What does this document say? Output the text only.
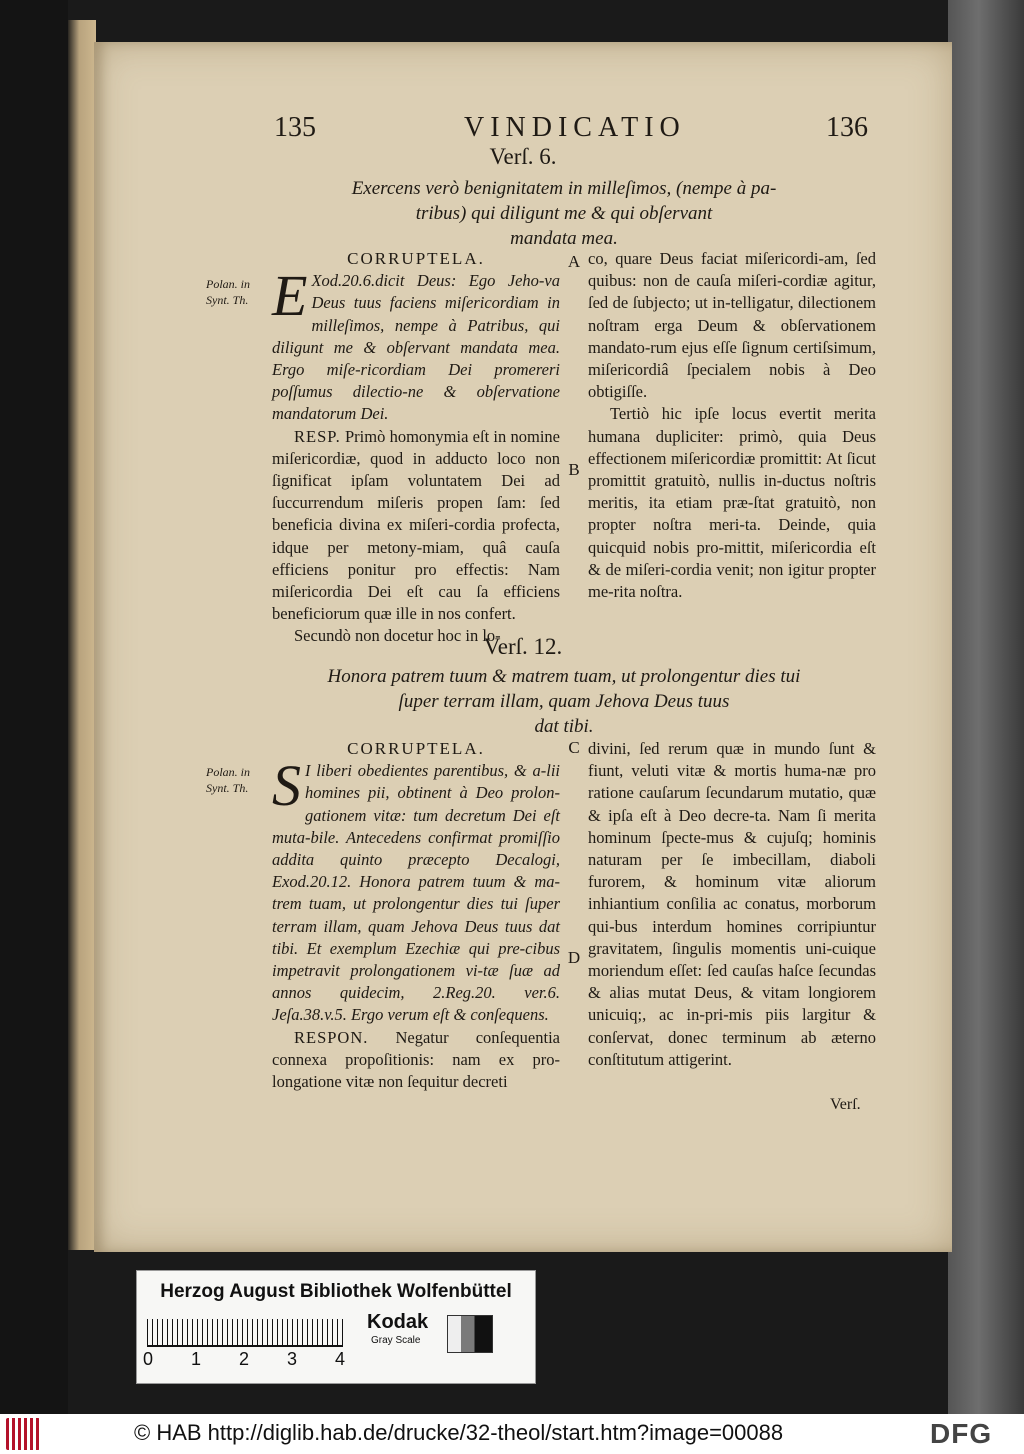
135	VINDICATIO	136
Verſ. 6.
Exercens verò benignitatem in milleſimos, (nempe à pa-
tribus) qui diligunt me & qui obſervant
mandata mea.
Polan. in Synt. Th.
A
B
CORRUPTELA.

E Xod.20.6.dicit Deus: Ego Jeho-va Deus tuus faciens miſericordiam in milleſimos, nempe à Patribus, qui diligunt me & obſervant mandata mea. Ergo miſe-ricordiam Dei promereri poſſumus dilectio-ne & obſervatione mandatorum Dei.

RESP. Primò homonymia eſt in nomine miſericordiæ, quod in adducto loco non ſignificat ipſam voluntatem Dei ad ſuccurrendum miſeris propen ſam: ſed beneficia divina ex miſeri-cordia profecta, idque per metony-miam, quâ cauſa efficiens ponitur pro effectis: Nam miſericordia Dei eſt cau ſa efficiens beneficiorum quæ ille in nos confert.

Secundò non docetur hoc in lo-

co, quare Deus faciat miſericordi-am, ſed quibus: non de cauſa miſeri-cordiæ agitur, ſed de ſubjecto; ut in-telligatur, dilectionem noſtram erga Deum & obſervationem mandato-rum ejus eſſe ſignum certiſsimum, miſericordiâ ſpecialem nobis à Deo obtigiſſe.

Tertiò hic ipſe locus evertit merita humana dupliciter: primò, quia Deus effectionem miſericordiæ promittit: At ſicut promittit gratuitò, nullis in-ductus noſtris meritis, ita etiam præ-ſtat gratuitò, non propter noſtra meri-ta. Deinde, quia quicquid nobis pro-mittit, miſericordia eſt & de miſeri-cordia venit; non igitur propter me-rita noſtra.

Verſ. 12.
Honora patrem tuum & matrem tuam, ut prolongentur dies tui
ſuper terram illam, quam Jehova Deus tuus
dat tibi.
Polan. in Synt. Th.
C
D
CORRUPTELA.

S I liberi obedientes parentibus, & a-lii homines pii, obtinent à Deo prolon-gationem vitæ: tum decretum Dei eſt muta-bile. Antecedens confirmat promiſſio addita quinto præcepto Decalogi, Exod.20.12. Honora patrem tuum & ma-trem tuam, ut prolongentur dies tui ſuper terram illam, quam Jehova Deus tuus dat tibi. Et exemplum Ezechiæ qui pre-cibus impetravit prolongationem vi-tæ ſuæ ad annos quidecim, 2.Reg.20. ver.6. Jeſa.38.v.5. Ergo verum eſt & conſequens.

RESPON. Negatur conſequentia connexa propoſitionis: nam ex pro-longatione vitæ non ſequitur decreti

divini, ſed rerum quæ in mundo ſunt & fiunt, veluti vitæ & mortis huma-næ pro ratione cauſarum ſecundarum mutatio, quæ & ipſa eſt à Deo decre-ta. Nam ſi merita hominum ſpecte-mus & cujuſq; hominis naturam per ſe imbecillam, diaboli furorem, & hominum vitæ aliorum inhiantium conſilia ac conatus, morborum qui-bus interdum homines corripiuntur gravitatem, ſingulis momentis uni-cuique moriendum eſſet: ſed cauſas haſce ſecundas & alias mutat Deus, & vitam longiorem unicuiq;, ac in-pri-mis piis largitur & conſervat, donec terminum ab æterno conſtitutum attigerint.

Verſ.
Herzog August Bibliothek Wolfenbüttel
0 1 2 3 4
Kodak
Gray Scale
© HAB http://diglib.hab.de/drucke/32-theol/start.htm?image=00088	DFG
